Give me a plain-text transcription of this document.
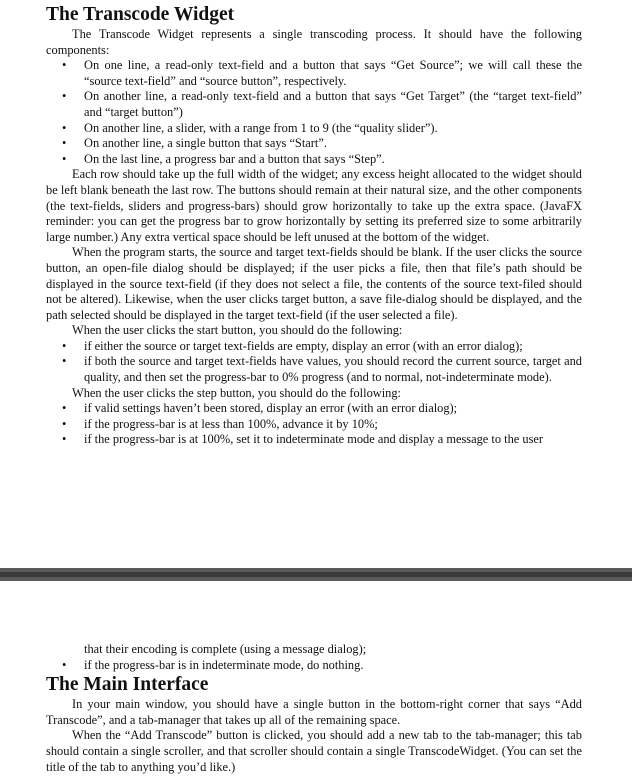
The Transcode Widget

The Transcode Widget represents a single transcoding process. It should have the following components:

• On one line, a read-only text-field and a button that says “Get Source”; we will call these the “source text-field” and “source button”, respectively.
• On another line, a read-only text-field and a button that says “Get Target” (the “target text-field” and “target button”)
• On another line, a slider, with a range from 1 to 9 (the “quality slider”).
• On another line, a single button that says “Start”.
• On the last line, a progress bar and a button that says “Step”.

Each row should take up the full width of the widget; any excess height allocated to the widget should be left blank beneath the last row. The buttons should remain at their natural size, and the other components (the text-fields, sliders and progress-bars) should grow horizontally to take up the extra space. (JavaFX reminder: you can get the progress bar to grow horizontally by setting its preferred size to some arbitrarily large number.) Any extra vertical space should be left unused at the bottom of the widget.

When the program starts, the source and target text-fields should be blank. If the user clicks the source button, an open-file dialog should be displayed; if the user picks a file, then that file’s path should be displayed in the source text-field (if they does not select a file, the contents of the source text-filed should not be altered). Likewise, when the user clicks target button, a save file-dialog should be displayed, and the path selected should be displayed in the target text-field (if the user selected a file).

When the user clicks the start button, you should do the following:

• if either the source or target text-fields are empty, display an error (with an error dialog);
• if both the source and target text-fields have values, you should record the current source, target and quality, and then set the progress-bar to 0% progress (and to normal, not-indeterminate mode).

When the user clicks the step button, you should do the following:

• if valid settings haven’t been stored, display an error (with an error dialog);
• if the progress-bar is at less than 100%, advance it by 10%;
• if the progress-bar is at 100%, set it to indeterminate mode and display a message to the user
that their encoding is complete (using a message dialog);
• if the progress-bar is in indeterminate mode, do nothing.
The Main Interface

In your main window, you should have a single button in the bottom-right corner that says “Add Transcode”, and a tab-manager that takes up all of the remaining space.

When the “Add Transcode” button is clicked, you should add a new tab to the tab-manager; this tab should contain a single scroller, and that scroller should contain a single TranscodeWidget. (You can set the title of the tab to anything you’d like.)
